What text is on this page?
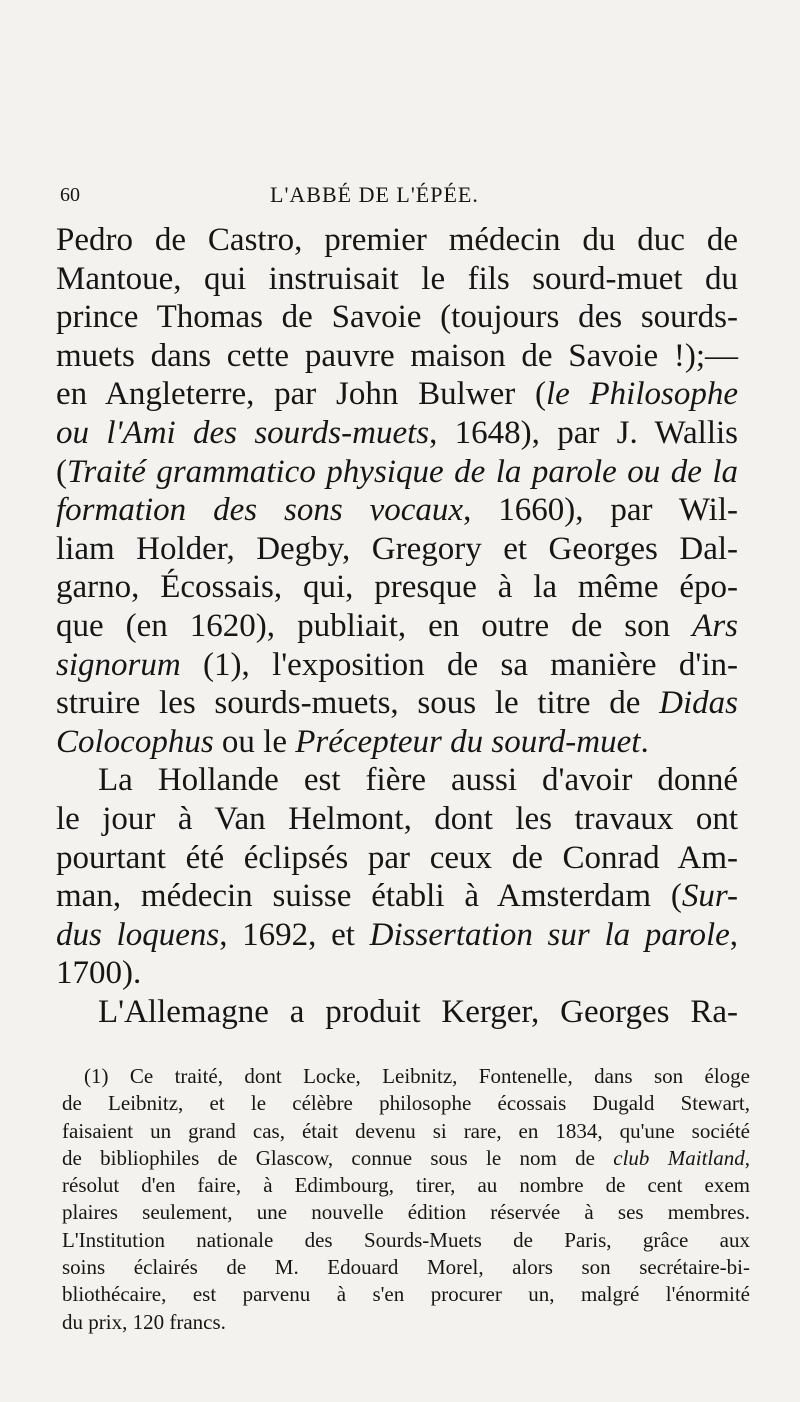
60	L'ABBÉ DE L'ÉPÉE.
Pedro de Castro, premier médecin du duc de
Mantoue, qui instruisait le fils sourd-muet du
prince Thomas de Savoie (toujours des sourds-
muets dans cette pauvre maison de Savoie !);—
en Angleterre, par John Bulwer (le Philosophe
ou l'Ami des sourds-muets, 1648), par J. Wallis
(Traité grammatico physique de la parole ou de la
formation des sons vocaux, 1660), par Wil-
liam Holder, Degby, Gregory et Georges Dal-
garno, Écossais, qui, presque à la même épo-
que (en 1620), publiait, en outre de son Ars
signorum (1), l'exposition de sa manière d'in-
struire les sourds-muets, sous le titre de Didas
Colocophus ou le Précepteur du sourd-muet.
La Hollande est fière aussi d'avoir donné
le jour à Van Helmont, dont les travaux ont
pourtant été éclipsés par ceux de Conrad Am-
man, médecin suisse établi à Amsterdam (Sur-
dus loquens, 1692, et Dissertation sur la parole,
1700).
L'Allemagne a produit Kerger, Georges Ra-
(1) Ce traité, dont Locke, Leibnitz, Fontenelle, dans son éloge
de Leibnitz, et le célèbre philosophe écossais Dugald Stewart,
faisaient un grand cas, était devenu si rare, en 1834, qu'une société
de bibliophiles de Glascow, connue sous le nom de club Maitland,
résolut d'en faire, à Edimbourg, tirer, au nombre de cent exem
plaires seulement, une nouvelle édition réservée à ses membres.
L'Institution nationale des Sourds-Muets de Paris, grâce aux
soins éclairés de M. Edouard Morel, alors son secrétaire-bi-
bliothécaire, est parvenu à s'en procurer un, malgré l'énormité
du prix, 120 francs.
